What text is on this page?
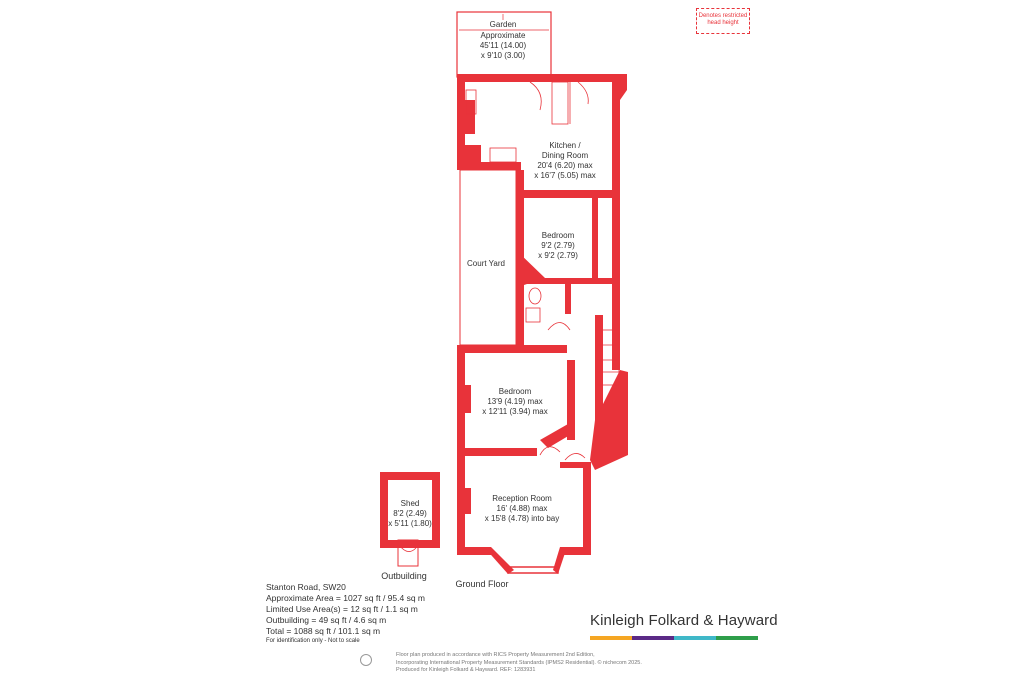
Denotes restricted head height
Garden
Approximate
45'11 (14.00)
x 9'10 (3.00)
Kitchen /
Dining Room
20'4 (6.20) max
x 16'7 (5.05) max
Bedroom
9'2 (2.79)
x 9'2 (2.79)
Court Yard
Bedroom
13'9 (4.19) max
x 12'11 (3.94) max
Reception Room
16' (4.88) max
x 15'8 (4.78) into bay
Shed
8'2 (2.49)
x 5'11 (1.80)
Outbuilding
Ground Floor
Stanton Road, SW20
Approximate Area = 1027 sq ft / 95.4 sq m
Limited Use Area(s) = 12 sq ft / 1.1 sq m
Outbuilding = 49 sq ft / 4.6 sq m
Total = 1088 sq ft / 101.1 sq m
For identification only - Not to scale
Kinleigh Folkard & Hayward
Floor plan produced in accordance with RICS Property Measurement 2nd Edition,
Incorporating International Property Measurement Standards (IPMS2 Residential). © nichecom 2025.
Produced for Kinleigh Folkard & Hayward. REF: 1283931
